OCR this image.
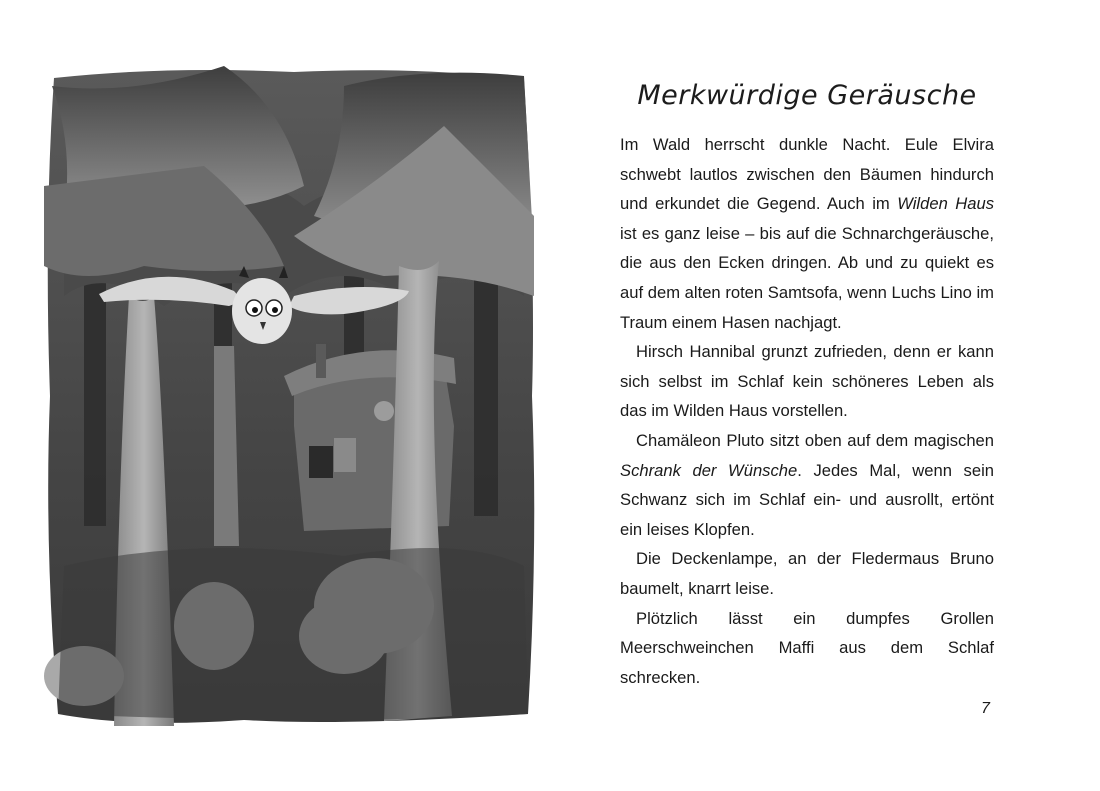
Merkwürdige Geräusche

Im Wald herrscht dunkle Nacht. Eule Elvira schwebt lautlos zwischen den Bäumen hindurch und erkundet die Gegend. Auch im Wilden Haus ist es ganz leise – bis auf die Schnarchgeräusche, die aus den Ecken dringen. Ab und zu quiekt es auf dem alten roten Samtsofa, wenn Luchs Lino im Traum einem Hasen nachjagt.

Hirsch Hannibal grunzt zufrieden, denn er kann sich selbst im Schlaf kein schöneres Leben als das im Wilden Haus vorstellen.

Chamäleon Pluto sitzt oben auf dem magischen Schrank der Wünsche. Jedes Mal, wenn sein Schwanz sich im Schlaf ein- und ausrollt, ertönt ein leises Klopfen.

Die Deckenlampe, an der Fledermaus Bruno baumelt, knarrt leise.

Plötzlich lässt ein dumpfes Grollen Meerschweinchen Maffi aus dem Schlaf schrecken.

7
